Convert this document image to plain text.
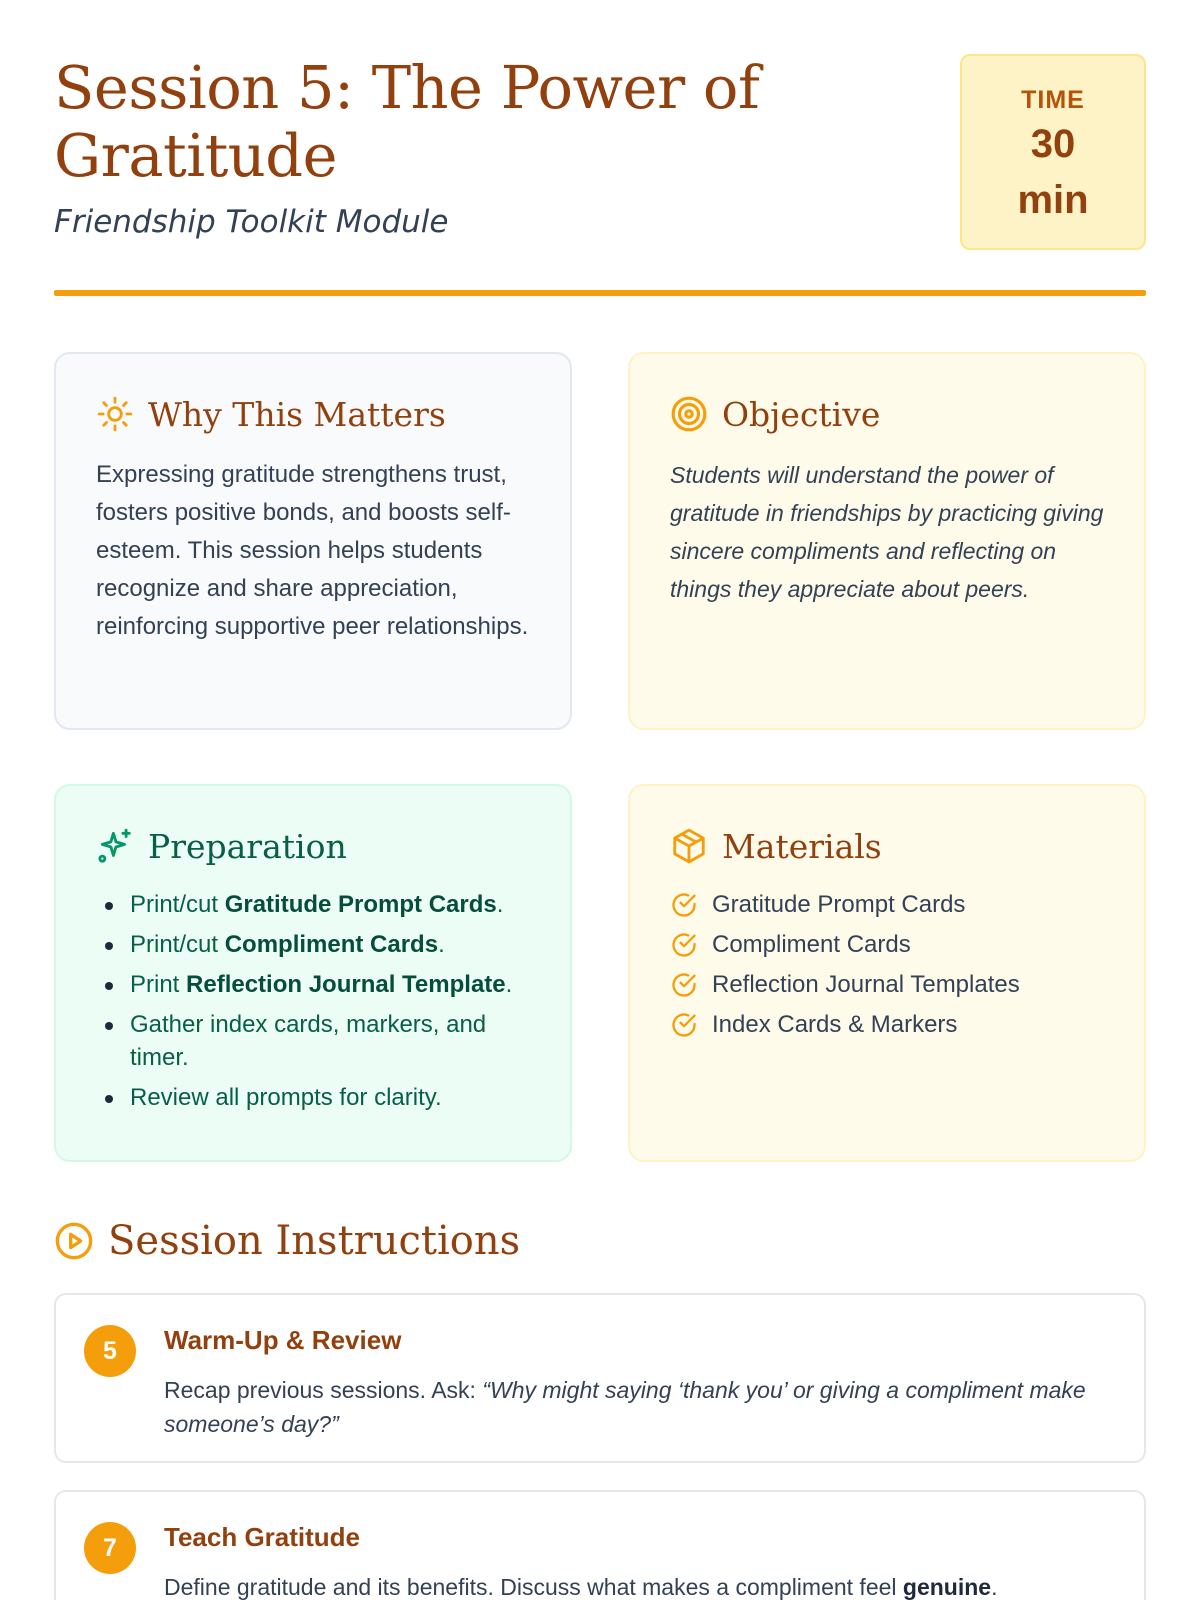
Session 5: The Power of Gratitude
Friendship Toolkit Module
TIME
30
min
Why This Matters

Expressing gratitude strengthens trust, fosters positive bonds, and boosts self-esteem. This session helps students recognize and share appreciation, reinforcing supportive peer relationships.

Objective

Students will understand the power of gratitude in friendships by practicing giving sincere compliments and reflecting on things they appreciate about peers.

Preparation
Print/cut Gratitude Prompt Cards.
Print/cut Compliment Cards.
Print Reflection Journal Template.
Gather index cards, markers, and timer.
Review all prompts for clarity.
Materials
Gratitude Prompt Cards
Compliment Cards
Reflection Journal Templates
Index Cards & Markers
Session Instructions
5	Warm-Up & Review
Recap previous sessions. Ask: “Why might saying ‘thank you’ or giving a compliment make someone’s day?”
7	Teach Gratitude
Define gratitude and its benefits. Discuss what makes a compliment feel genuine.
